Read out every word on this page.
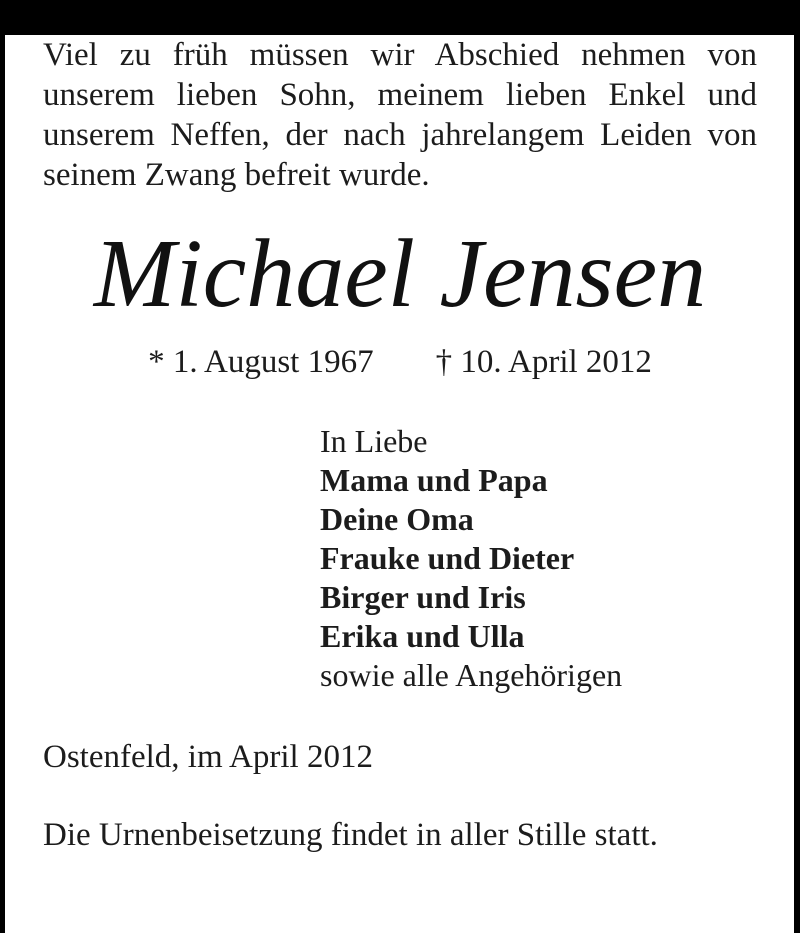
Viel zu früh müssen wir Abschied nehmen von
unserem lieben Sohn, meinem lieben Enkel und
unserem Neffen, der nach jahrelangem Leiden von
seinem Zwang befreit wurde.
Michael Jensen
* 1. August 1967 † 10. April 2012
In Liebe
Mama und Papa
Deine Oma
Frauke und Dieter
Birger und Iris
Erika und Ulla
sowie alle Angehörigen
Ostenfeld, im April 2012
Die Urnenbeisetzung findet in aller Stille statt.
